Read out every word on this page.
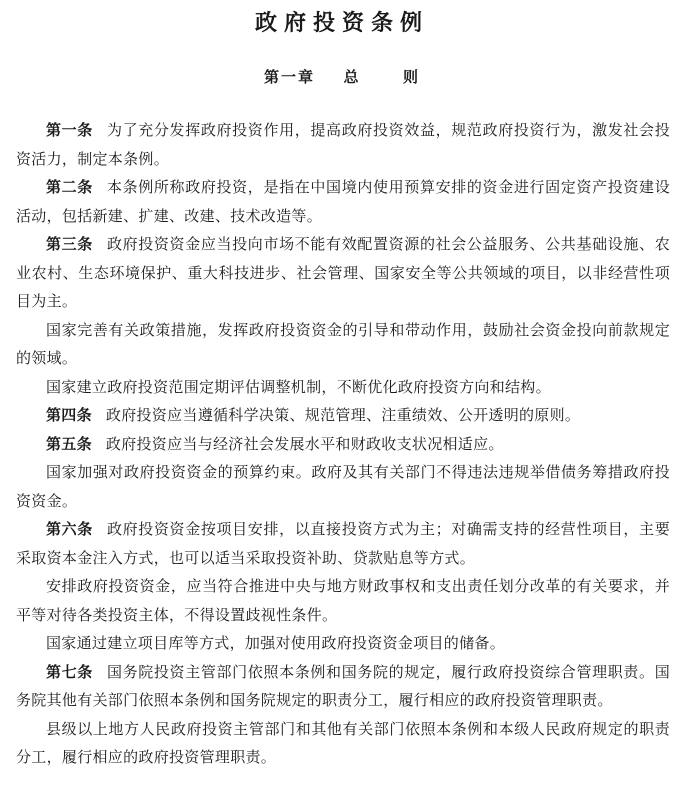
政府投资条例
第一章 总	则

第一条 为了充分发挥政府投资作用，提高政府投资效益，规范政府投资行为，激发社会投资活力，制定本条例。

第二条 本条例所称政府投资，是指在中国境内使用预算安排的资金进行固定资产投资建设活动，包括新建、扩建、改建、技术改造等。

第三条 政府投资资金应当投向市场不能有效配置资源的社会公益服务、公共基础设施、农业农村、生态环境保护、重大科技进步、社会管理、国家安全等公共领域的项目，以非经营性项目为主。

国家完善有关政策措施，发挥政府投资资金的引导和带动作用，鼓励社会资金投向前款规定的领域。

国家建立政府投资范围定期评估调整机制，不断优化政府投资方向和结构。

第四条 政府投资应当遵循科学决策、规范管理、注重绩效、公开透明的原则。

第五条 政府投资应当与经济社会发展水平和财政收支状况相适应。

国家加强对政府投资资金的预算约束。政府及其有关部门不得违法违规举借债务筹措政府投资资金。

第六条 政府投资资金按项目安排，以直接投资方式为主；对确需支持的经营性项目，主要采取资本金注入方式，也可以适当采取投资补助、贷款贴息等方式。

安排政府投资资金，应当符合推进中央与地方财政事权和支出责任划分改革的有关要求，并平等对待各类投资主体，不得设置歧视性条件。

国家通过建立项目库等方式，加强对使用政府投资资金项目的储备。

第七条 国务院投资主管部门依照本条例和国务院的规定，履行政府投资综合管理职责。国务院其他有关部门依照本条例和国务院规定的职责分工，履行相应的政府投资管理职责。

县级以上地方人民政府投资主管部门和其他有关部门依照本条例和本级人民政府规定的职责分工，履行相应的政府投资管理职责。
